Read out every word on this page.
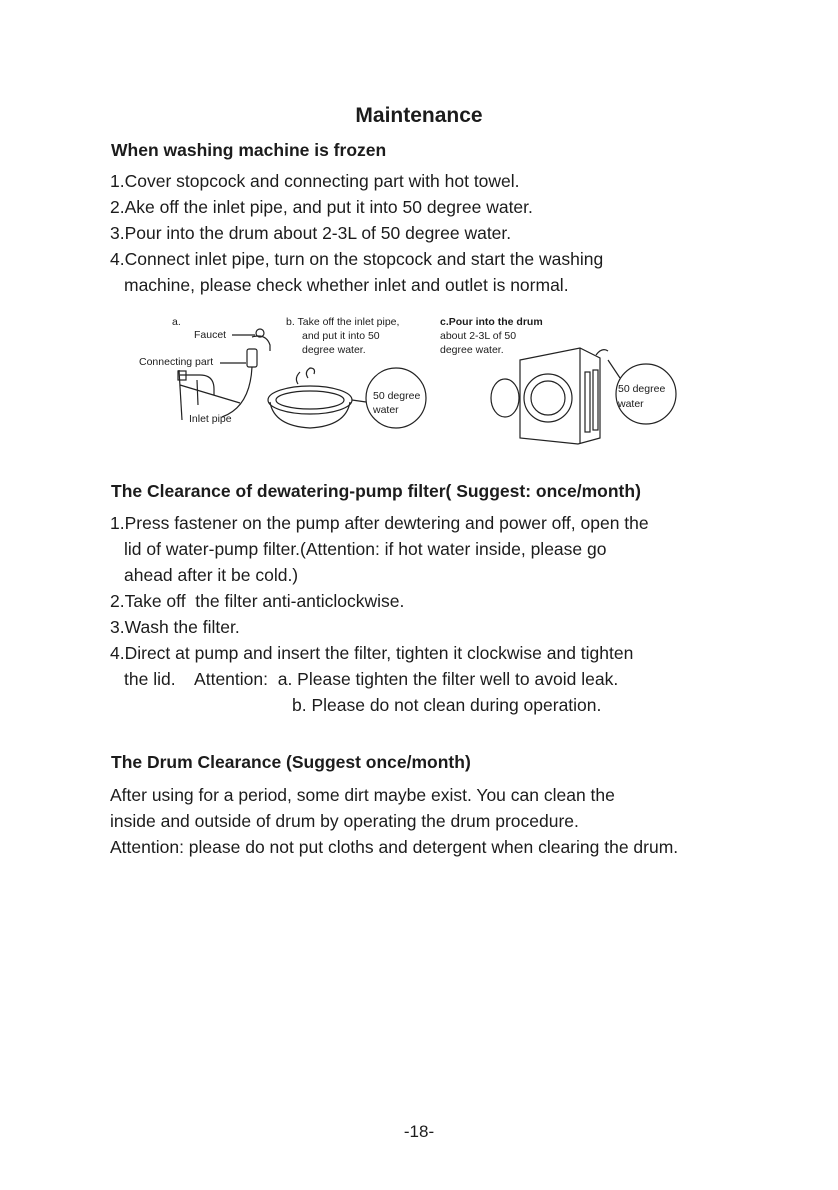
Maintenance
When washing machine is frozen
1.Cover stopcock and connecting part with hot towel.
2.Ake off the inlet pipe, and put it into 50 degree water.
3.Pour into the drum about 2-3L of 50 degree water.
4.Connect inlet pipe, turn on the stopcock and start the washing
machine, please check whether inlet and outlet is normal.
a.
Faucet
Connecting part
Inlet pipe
b. Take off the inlet pipe,
and put it into 50
degree water.
50 degree
water
c.Pour into the drum
about 2-3L of 50
degree water.
50 degree
water
The Clearance of dewatering-pump filter( Suggest: once/month)
1.Press fastener on the pump after dewtering and power off, open the
lid of water-pump filter.(Attention: if hot water inside, please go
ahead after it be cold.)
2.Take off  the filter anti-anticlockwise.
3.Wash the filter.
4.Direct at pump and insert the filter, tighten it clockwise and tighten
the lid.    Attention:  a. Please tighten the filter well to avoid leak.
b. Please do not clean during operation.
The Drum Clearance (Suggest once/month)
After using for a period, some dirt maybe exist. You can clean the
inside and outside of drum by operating the drum procedure.
Attention: please do not put cloths and detergent when clearing the drum.
-18-
